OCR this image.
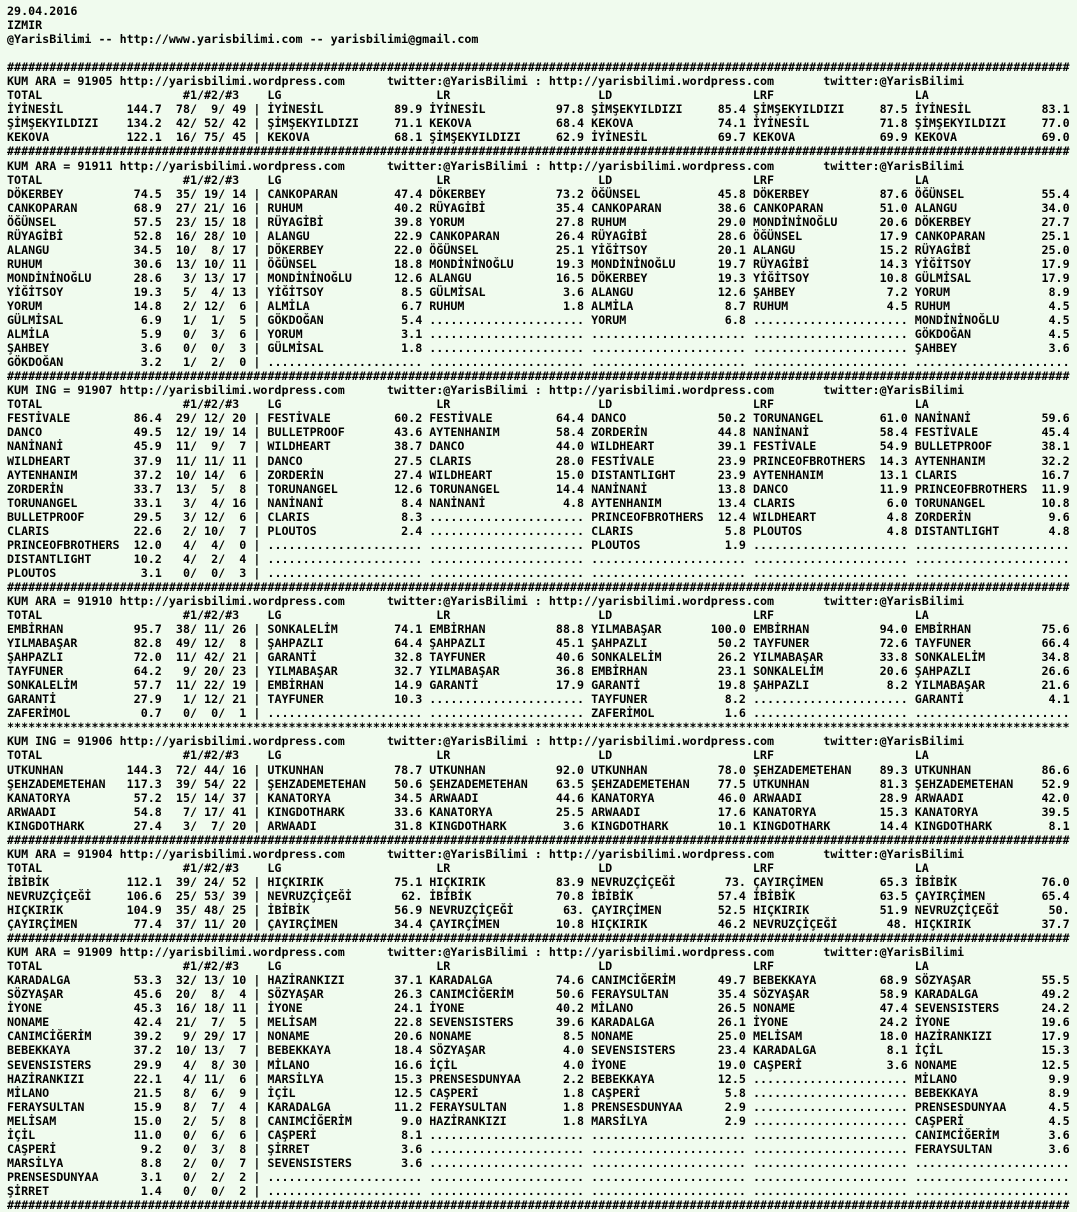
29.04.2016
IZMIR
@YarisBilimi -- http://www.yarisbilimi.com -- yarisbilimi@gmail.com
#######################################################################################################################################################
KUM ARA = 91905 http://yarisbilimi.wordpress.com	twitter:@YarisBilimi : http://yarisbilimi.wordpress.com	twitter:@YarisBilimi
TOTAL                    #1/#2/#3    LG                      LR                     LD                    LRF                    LA
İYİNESİL         144.7  78/  9/ 49 | İYİNESİL          89.9 İYİNESİL          97.8 ŞİMŞEKYILDIZI     85.4 ŞİMŞEKYILDIZI     87.5 İYİNESİL          83.1
ŞİMŞEKYILDIZI    134.2  42/ 52/ 42 | ŞİMŞEKYILDIZI     71.1 KEKOVA            68.4 KEKOVA            74.1 İYİNESİL          71.8 ŞİMŞEKYILDIZI     77.0
KEKOVA           122.1  16/ 75/ 45 | KEKOVA            68.1 ŞİMŞEKYILDIZI     62.9 İYİNESİL          69.7 KEKOVA            69.9 KEKOVA            69.0
#######################################################################################################################################################
KUM ARA = 91911 http://yarisbilimi.wordpress.com	twitter:@YarisBilimi : http://yarisbilimi.wordpress.com	twitter:@YarisBilimi
TOTAL                    #1/#2/#3    LG                      LR                     LD                    LRF                    LA
DÖKERBEY          74.5  35/ 19/ 14 | CANKOPARAN        47.4 DÖKERBEY          73.2 ÖĞÜNSEL           45.8 DÖKERBEY          87.6 ÖĞÜNSEL           55.4
CANKOPARAN        68.9  27/ 21/ 16 | RUHUM             40.2 RÜYAGİBİ          35.4 CANKOPARAN        38.6 CANKOPARAN        51.0 ALANGU            34.0
ÖĞÜNSEL           57.5  23/ 15/ 18 | RÜYAGİBİ          39.8 YORUM             27.8 RUHUM             29.0 MONDİNİNOĞLU      20.6 DÖKERBEY          27.7
RÜYAGİBİ          52.8  16/ 28/ 10 | ALANGU            22.9 CANKOPARAN        26.4 RÜYAGİBİ          28.6 ÖĞÜNSEL           17.9 CANKOPARAN        25.1
ALANGU            34.5  10/  8/ 17 | DÖKERBEY          22.0 ÖĞÜNSEL           25.1 YİĞİTSOY          20.1 ALANGU            15.2 RÜYAGİBİ          25.0
RUHUM             30.6  13/ 10/ 11 | ÖĞÜNSEL           18.8 MONDİNİNOĞLU      19.3 MONDİNİNOĞLU      19.7 RÜYAGİBİ          14.3 YİĞİTSOY          17.9
MONDİNİNOĞLU      28.6   3/ 13/ 17 | MONDİNİNOĞLU      12.6 ALANGU            16.5 DÖKERBEY          19.3 YİĞİTSOY          10.8 GÜLMİSAL          17.9
YİĞİTSOY          19.3   5/  4/ 13 | YİĞİTSOY           8.5 GÜLMİSAL           3.6 ALANGU            12.6 ŞAHBEY             7.2 YORUM              8.9
YORUM             14.8   2/ 12/  6 | ALMİLA             6.7 RUHUM              1.8 ALMİLA             8.7 RUHUM              4.5 RUHUM              4.5
GÜLMİSAL           6.9   1/  1/  5 | GÖKDOĞAN           5.4 ...................... YORUM              6.8 ...................... MONDİNİNOĞLU       4.5
ALMİLA             5.9   0/  3/  6 | YORUM              3.1 ...................... ...................... ...................... GÖKDOĞAN           4.5
ŞAHBEY             3.6   0/  0/  3 | GÜLMİSAL           1.8 ...................... ...................... ...................... ŞAHBEY             3.6
GÖKDOĞAN           3.2   1/  2/  0 | ...................... ...................... ...................... ...................... ......................
#######################################################################################################################################################
KUM ING = 91907 http://yarisbilimi.wordpress.com	twitter:@YarisBilimi : http://yarisbilimi.wordpress.com	twitter:@YarisBilimi
TOTAL                    #1/#2/#3    LG                      LR                     LD                    LRF                    LA
FESTİVALE         86.4  29/ 12/ 20 | FESTİVALE         60.2 FESTİVALE         64.4 DANCO             50.2 TORUNANGEL        61.0 NANİNANİ          59.6
DANCO             49.5  12/ 19/ 14 | BULLETPROOF       43.6 AYTENHANIM        58.4 ZORDERİN          44.8 NANİNANİ          58.4 FESTİVALE         45.4
NANİNANİ          45.9  11/  9/  7 | WILDHEART         38.7 DANCO             44.0 WILDHEART         39.1 FESTİVALE         54.9 BULLETPROOF       38.1
WILDHEART         37.9  11/ 11/ 11 | DANCO             27.5 CLARIS            28.0 FESTİVALE         23.9 PRINCEOFBROTHERS  14.3 AYTENHANIM        32.2
AYTENHANIM        37.2  10/ 14/  6 | ZORDERİN          27.4 WILDHEART         15.0 DISTANTLIGHT      23.9 AYTENHANIM        13.1 CLARIS            16.7
ZORDERİN          33.7  13/  5/  8 | TORUNANGEL        12.6 TORUNANGEL        14.4 NANİNANİ          13.8 DANCO             11.9 PRINCEOFBROTHERS  11.9
TORUNANGEL        33.1   3/  4/ 16 | NANİNANİ           8.4 NANİNANİ           4.8 AYTENHANIM        13.4 CLARIS             6.0 TORUNANGEL        10.8
BULLETPROOF       29.5   3/ 12/  6 | CLARIS             8.3 ...................... PRINCEOFBROTHERS  12.4 WILDHEART          4.8 ZORDERİN           9.6
CLARIS            22.6   2/ 10/  7 | PLOUTOS            2.4 ...................... CLARIS             5.8 PLOUTOS            4.8 DISTANTLIGHT       4.8
PRINCEOFBROTHERS  12.0   4/  4/  0 | ...................... ...................... PLOUTOS            1.9 ...................... ......................
DISTANTLIGHT      10.2   4/  2/  4 | ...................... ...................... ...................... ...................... ......................
PLOUTOS            3.1   0/  0/  3 | ...................... ...................... ...................... ...................... ......................
#######################################################################################################################################################
KUM ARA = 91910 http://yarisbilimi.wordpress.com	twitter:@YarisBilimi : http://yarisbilimi.wordpress.com	twitter:@YarisBilimi
TOTAL                    #1/#2/#3    LG                      LR                     LD                    LRF                    LA
EMBİRHAN          95.7  38/ 11/ 26 | SONKALELİM        74.1 EMBİRHAN          88.8 YILMABAŞAR       100.0 EMBİRHAN          94.0 EMBİRHAN          75.6
YILMABAŞAR        82.8  49/ 12/  8 | ŞAHPAZLI          64.4 ŞAHPAZLI          45.1 ŞAHPAZLI          50.2 TAYFUNER          72.6 TAYFUNER          66.4
ŞAHPAZLI          72.0  11/ 42/ 21 | GARANTİ           32.8 TAYFUNER          40.6 SONKALELİM        26.2 YILMABAŞAR        33.8 SONKALELİM        34.8
TAYFUNER          64.2   9/ 20/ 23 | YILMABAŞAR        32.7 YILMABAŞAR        36.8 EMBİRHAN          23.1 SONKALELİM        20.6 ŞAHPAZLI          26.6
SONKALELİM        57.7  11/ 22/ 19 | EMBİRHAN          14.9 GARANTİ           17.9 GARANTİ           19.8 ŞAHPAZLI           8.2 YILMABAŞAR        21.6
GARANTİ           27.9   1/ 12/ 21 | TAYFUNER          10.3 ...................... TAYFUNER           8.2 ...................... GARANTİ            4.1
ZAFERİMOL          0.7   0/  0/  1 | ...................... ...................... ZAFERİMOL          1.6 ...................... ......................
*******************************************************************************************************************************************************
KUM ING = 91906 http://yarisbilimi.wordpress.com	twitter:@YarisBilimi : http://yarisbilimi.wordpress.com	twitter:@YarisBilimi
TOTAL                    #1/#2/#3    LG                      LR                     LD                    LRF                    LA
UTKUNHAN         144.3  72/ 44/ 16 | UTKUNHAN          78.7 UTKUNHAN          92.0 UTKUNHAN          78.0 ŞEHZADEMETEHAN    89.3 UTKUNHAN          86.6
ŞEHZADEMETEHAN   117.3  39/ 54/ 22 | ŞEHZADEMETEHAN    50.6 ŞEHZADEMETEHAN    63.5 ŞEHZADEMETEHAN    77.5 UTKUNHAN          81.3 ŞEHZADEMETEHAN    52.9
KANATORYA         57.2  15/ 14/ 37 | KANATORYA         34.5 ARWAADI           44.6 KANATORYA         46.0 ARWAADI           28.9 ARWAADI           42.0
ARWAADI           54.8   7/ 17/ 41 | KINGDOTHARK       33.6 KANATORYA         25.5 ARWAADI           17.6 KANATORYA         15.3 KANATORYA         39.5
KINGDOTHARK       27.4   3/  7/ 20 | ARWAADI           31.8 KINGDOTHARK        3.6 KINGDOTHARK       10.1 KINGDOTHARK       14.4 KINGDOTHARK        8.1
#######################################################################################################################################################
KUM ARA = 91904 http://yarisbilimi.wordpress.com	twitter:@YarisBilimi : http://yarisbilimi.wordpress.com	twitter:@YarisBilimi
TOTAL                    #1/#2/#3    LG                      LR                     LD                    LRF                    LA
İBİBİK           112.1  39/ 24/ 52 | HIÇKIRIK          75.1 HIÇKIRIK          83.9 NEVRUZÇİÇEĞİ       73. ÇAYIRÇİMEN        65.3 İBİBİK            76.0
NEVRUZÇİÇEĞİ     106.6  25/ 53/ 39 | NEVRUZÇİÇEĞİ       62. İBİBİK            70.8 İBİBİK            57.4 İBİBİK            63.5 ÇAYIRÇİMEN        65.4
HIÇKIRIK         104.9  35/ 48/ 25 | İBİBİK            56.9 NEVRUZÇİÇEĞİ       63. ÇAYIRÇİMEN        52.5 HIÇKIRIK          51.9 NEVRUZÇİÇEĞİ       50.
ÇAYIRÇİMEN        77.4  37/ 11/ 20 | ÇAYIRÇİMEN        34.4 ÇAYIRÇİMEN        10.8 HIÇKIRIK          46.2 NEVRUZÇİÇEĞİ       48. HIÇKIRIK          37.7
#######################################################################################################################################################
KUM ARA = 91909 http://yarisbilimi.wordpress.com	twitter:@YarisBilimi : http://yarisbilimi.wordpress.com	twitter:@YarisBilimi
TOTAL                    #1/#2/#3    LG                      LR                     LD                    LRF                    LA
KARADALGA         53.3  32/ 13/ 10 | HAZİRANKIZI       37.1 KARADALGA         74.6 CANIMCİĞERİM      49.7 BEBEKKAYA         68.9 SÖZYAŞAR          55.5
SÖZYAŞAR          45.6  20/  8/  4 | SÖZYAŞAR          26.3 CANIMCİĞERİM      50.6 FERAYSULTAN       35.4 SÖZYAŞAR          58.9 KARADALGA         49.2
İYONE             45.3  16/ 18/ 11 | İYONE             24.1 İYONE             40.2 MİLANO            26.5 NONAME            47.4 SEVENSISTERS      24.2
NONAME            42.4  21/  7/  5 | MELİSAM           22.8 SEVENSISTERS      39.6 KARADALGA         26.1 İYONE             24.2 İYONE             19.6
CANIMCİĞERİM      39.2   9/ 29/ 17 | NONAME            20.6 NONAME             8.5 NONAME            25.0 MELİSAM           18.0 HAZİRANKIZI       17.9
BEBEKKAYA         37.2  10/ 13/  7 | BEBEKKAYA         18.4 SÖZYAŞAR           4.0 SEVENSISTERS      23.4 KARADALGA          8.1 İÇİL              15.3
SEVENSISTERS      29.9   4/  8/ 30 | MİLANO            16.6 İÇİL               4.0 İYONE             19.0 CAŞPERİ            3.6 NONAME            12.5
HAZİRANKIZI       22.1   4/ 11/  6 | MARSİLYA          15.3 PRENSESDUNYAA      2.2 BEBEKKAYA         12.5 ...................... MİLANO             9.9
MİLANO            21.5   8/  6/  9 | İÇİL              12.5 CAŞPERİ            1.8 CAŞPERİ            5.8 ...................... BEBEKKAYA          8.9
FERAYSULTAN       15.9   8/  7/  4 | KARADALGA         11.2 FERAYSULTAN        1.8 PRENSESDUNYAA      2.9 ...................... PRENSESDUNYAA      4.5
MELİSAM           15.0   2/  5/  8 | CANIMCİĞERİM       9.0 HAZİRANKIZI        1.8 MARSİLYA           2.9 ...................... CAŞPERİ            4.5
İÇİL              11.0   0/  6/  6 | CAŞPERİ            8.1 ...................... ...................... ...................... CANIMCİĞERİM       3.6
CAŞPERİ            9.2   0/  3/  8 | ŞİRRET             3.6 ...................... ...................... ...................... FERAYSULTAN        3.6
MARSİLYA           8.8   2/  0/  7 | SEVENSISTERS       3.6 ...................... ...................... ...................... ......................
PRENSESDUNYAA      3.1   0/  2/  2 | ...................... ...................... ...................... ...................... ......................
ŞİRRET             1.4   0/  0/  2 | ...................... ...................... ...................... ...................... ......................
#######################################################################################################################################################
